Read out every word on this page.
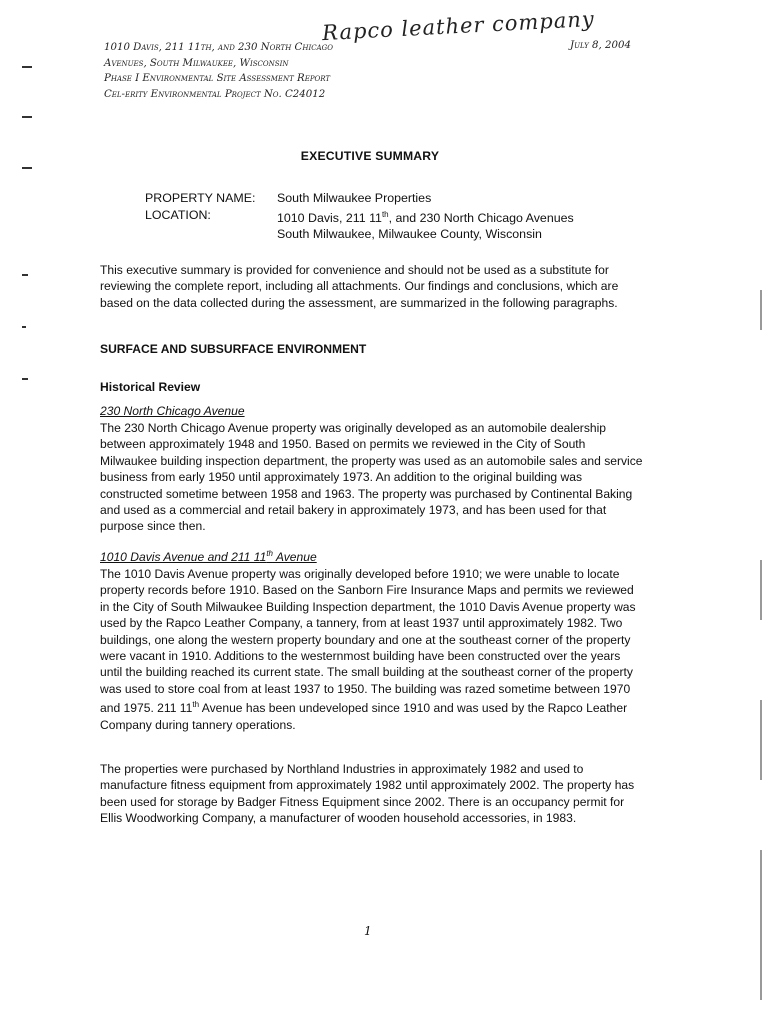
Rapco leather company
1010 Davis, 211 11th, and 230 North Chicago
Avenues, South Milwaukee, Wisconsin
Phase I Environmental Site Assessment Report
Cel-erity Environmental Project No. C24012
July 8, 2004
EXECUTIVE SUMMARY
PROPERTY NAME:	South Milwaukee Properties
LOCATION:	1010 Davis, 211 11th, and 230 North Chicago Avenues
South Milwaukee, Milwaukee County, Wisconsin
This executive summary is provided for convenience and should not be used as a substitute for reviewing the complete report, including all attachments. Our findings and conclusions, which are based on the data collected during the assessment, are summarized in the following paragraphs.
SURFACE AND SUBSURFACE ENVIRONMENT
Historical Review
230 North Chicago Avenue
The 230 North Chicago Avenue property was originally developed as an automobile dealership between approximately 1948 and 1950. Based on permits we reviewed in the City of South Milwaukee building inspection department, the property was used as an automobile sales and service business from early 1950 until approximately 1973. An addition to the original building was constructed sometime between 1958 and 1963. The property was purchased by Continental Baking and used as a commercial and retail bakery in approximately 1973, and has been used for that purpose since then.
1010 Davis Avenue and 211 11th Avenue
The 1010 Davis Avenue property was originally developed before 1910; we were unable to locate property records before 1910. Based on the Sanborn Fire Insurance Maps and permits we reviewed in the City of South Milwaukee Building Inspection department, the 1010 Davis Avenue property was used by the Rapco Leather Company, a tannery, from at least 1937 until approximately 1982. Two buildings, one along the western property boundary and one at the southeast corner of the property were vacant in 1910. Additions to the westernmost building have been constructed over the years until the building reached its current state. The small building at the southeast corner of the property was used to store coal from at least 1937 to 1950. The building was razed sometime between 1970 and 1975. 211 11th Avenue has been undeveloped since 1910 and was used by the Rapco Leather Company during tannery operations.
The properties were purchased by Northland Industries in approximately 1982 and used to manufacture fitness equipment from approximately 1982 until approximately 2002. The property has been used for storage by Badger Fitness Equipment since 2002. There is an occupancy permit for Ellis Woodworking Company, a manufacturer of wooden household accessories, in 1983.
1
